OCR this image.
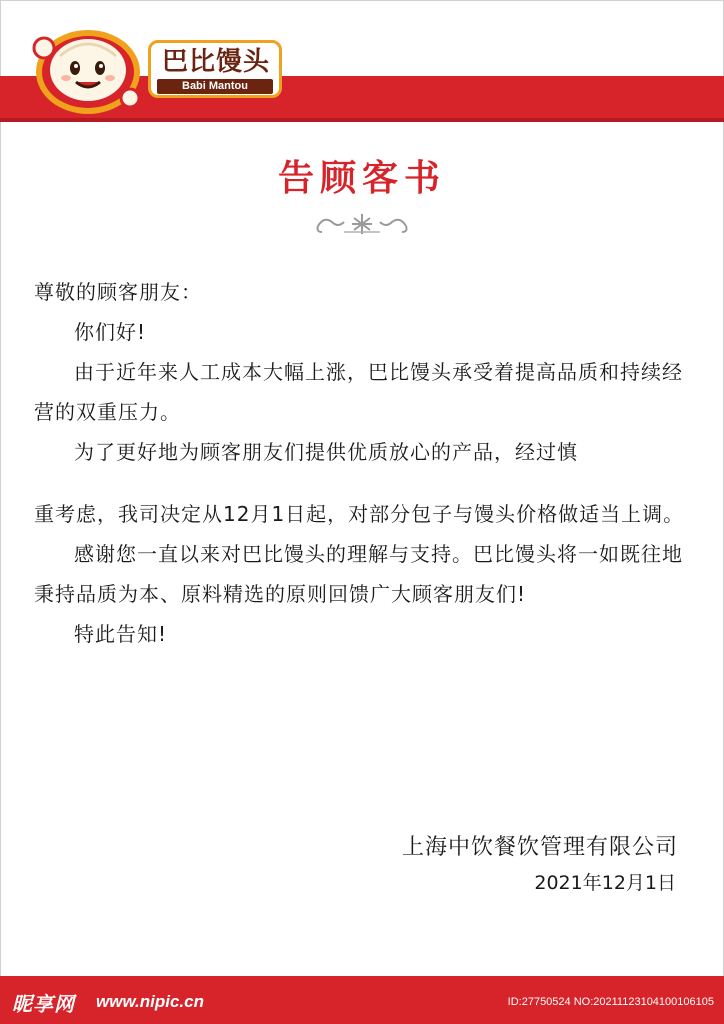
巴比馒头
Babi Mantou
告顾客书

尊敬的顾客朋友：

你们好!

由于近年来人工成本大幅上涨，巴比馒头承受着提高品质和持续经营的双重压力。

为了更好地为顾客朋友们提供优质放心的产品，经过慎

重考虑，我司决定从12月1日起，对部分包子与馒头价格做适当上调。

感谢您一直以来对巴比馒头的理解与支持。巴比馒头将一如既往地秉持品质为本、原料精选的原则回馈广大顾客朋友们!

特此告知!

上海中饮餐饮管理有限公司
2021年12月1日
昵享网 www.nipic.cn	ID:27750524 NO:20211123104100106105
